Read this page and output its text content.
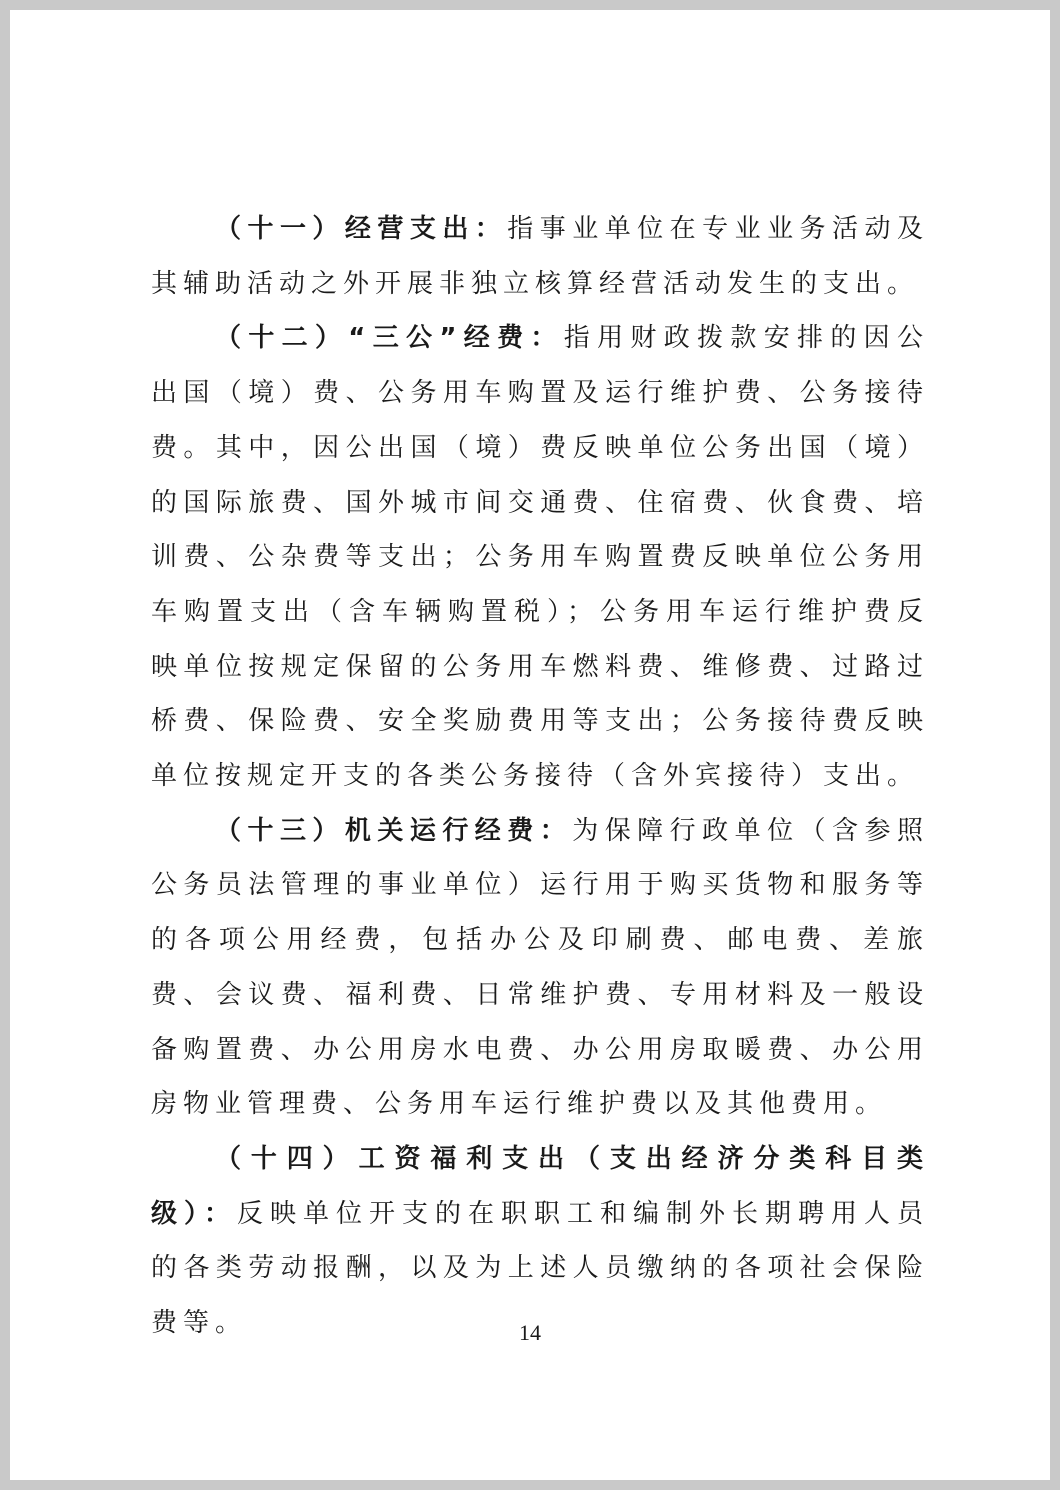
（十一）经营支出：指事业单位在专业业务活动及其辅助活动之外开展非独立核算经营活动发生的支出。

（十二）“三公”经费：指用财政拨款安排的因公出国（境）费、公务用车购置及运行维护费、公务接待费。其中，因公出国（境）费反映单位公务出国（境）的国际旅费、国外城市间交通费、住宿费、伙食费、培训费、公杂费等支出；公务用车购置费反映单位公务用车购置支出（含车辆购置税）；公务用车运行维护费反映单位按规定保留的公务用车燃料费、维修费、过路过桥费、保险费、安全奖励费用等支出；公务接待费反映单位按规定开支的各类公务接待（含外宾接待）支出。

（十三）机关运行经费：为保障行政单位（含参照公务员法管理的事业单位）运行用于购买货物和服务等的各项公用经费，包括办公及印刷费、邮电费、差旅费、会议费、福利费、日常维护费、专用材料及一般设备购置费、办公用房水电费、办公用房取暖费、办公用房物业管理费、公务用车运行维护费以及其他费用。

（十四）工资福利支出（支出经济分类科目类级）：反映单位开支的在职职工和编制外长期聘用人员的各类劳动报酬，以及为上述人员缴纳的各项社会保险费等。	14
